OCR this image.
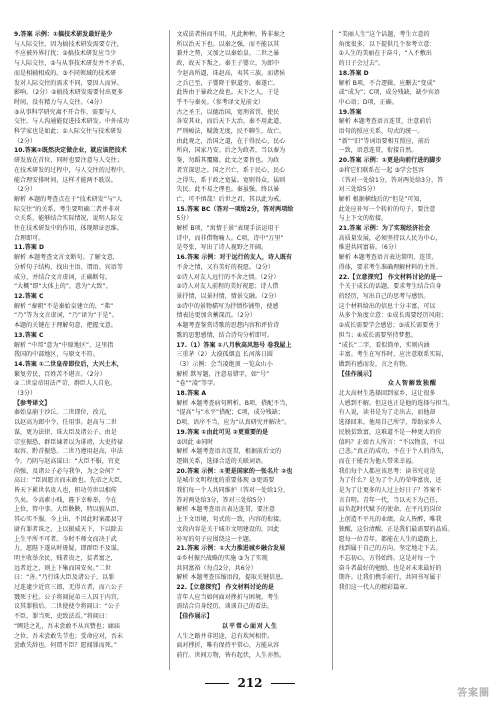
9.答案 示例：①搞技术研发最好是少
与人际交往，因为搞技术研发需要专注，
不应被外界打扰；②搞技术研发应当少
与人际交往，②与从事技术研发并不矛盾，
而是相辅相成的。③不同领域的技术研
发对人际交往的需求不同，要因人而异。
影响。（2分）②搞技术研发需要付出更多
时间，没有精力与人交往。（4分）
③从事科学研究离不开合作，需要与人
交往，与人沟通能促进技术研发。中外成功
科学家也是如此；①人际交往与技术研发
（2分）
10.答案②既然决定做企业，就应该把技术
研发放在首位，同时也要注意与人交往；
在技术研发的过程中，与人交往的过程中，
能合理安排时间，这样才能两不耽误。
（2分）
解析 本题的考查点在于“技术研发”与“人
际交往”的关系，考生要明确二者并非对
立关系，能够结合实际情况，说明人际交
往在技术研发中的作用，体现辩证思维。
合理即可。
11.答案 D
解析 本题考查文言文断句。了解文意，
分析句子结构，找出主语、谓语、宾语等
成分，并结合文言虚词，正确断句。
“大概”即“大体上的”，意为“大致”。
12.答案 C
解析 “秦朝”不是秦始皇建立的，“弗”
“乃”等为文言虚词，“乃”译为“于是”。
本题的关键在于理解句意，把握文意。
13.答案 C
解析 “中邦”意为“中原地区”，这里指
我国的中部地区，与原文不符。
14.答案 ①二世皇帝即位后，大兴土木，
繁复劳民，百姓苦不堪言。（2分）
②二世皇帝用法严苛，群臣人人自危。
（3分）
【参考译文】
秦始皇崩于沙丘。二世即位，改元，
以赵高为郎中令，任用事。赵高与二世
谋，更为法律，诛大臣及诸公子。由是
宗室振恐，群臣谏者以为诽谤，大吏持禄
取容，黔首振恐。二世乃遵用赵高，申法
令。乃阴与赵高谋曰：“大臣不服，官吏
尚强，及诸公子必与我争，为之奈何？”
高曰：“臣固愿言而未敢也。先帝之大臣，
皆天下累世名贵人也，积功劳世以相传
久矣。今高素小贱，陛下幸称举，令在
上位，管中事。大臣鞅鞅，特以貌从臣，
其心实不服。今上出，不因此时案郡县守
尉有罪者诛之，上以振威天下，下以除去
上生平所不可者。今时不师文而决于武
力，愿陛下遂从时毋疑，即群臣不及谋。
明主收举余民，贱者贵之，贫者富之，
远者近之，则上下集而国安矣。”二世
曰：“善。”乃行诛大臣及诸公子，以罪
过连逮少近官三郎，无得立者，而六公子
戮死于杜。公子将闾昆弟三人囚于内宫，
议其罪独后。二世使使令将闾曰：“公子
不臣，罪当死，吏致法焉。”将闾曰：
“阙廷之礼，吾未尝敢不从宾赞也；廊庙
之位，吾未尝敢失节也；受命应对，吾未
尝敢失辞也。何谓不臣？愿闻罪而死。”
文成法者捐而不用，凡此种种，皆非秦之
所以治天下也。以秦之强，而不能以其
兼并之势，又加之以秦始皇、二世之暴
政，故天下叛之。秦王子婴立，为郎中
令赵高所逼，诛赵高，夷其三族。而诸侯
之兵已至，子婴降于轵道旁。秦遂亡。
此皆由于暴政之故也。天下之人，于是
乎不与秦矣。（参考译文见前文）
古之圣王，以德治国，宽刑省罚，使民
各安其业，而后天下大治。秦不用此道，
严刑峻法，赋敛无度，民不聊生，故亡。
由此观之，治国之道，在于得民心，民心
所向，国家乃安。后之为政者，当以秦为
鉴，勿蹈其覆辙。此文之要旨也。为政
者宜深思之。国之兴亡，系于民心，民心
之得失，系于政之宽猛。宽则得众，猛则
失民。此不易之理也。秦虽强，终以暴
亡，可不慎哉！后世之君，其以此为戒。
15.答案 BC（答对一项给2分，答对两项给
5分）
解析 B项，“寓情于景”表现手法运用于
诗中，而非借物喻人。C项，诗中“万里”
是夸张，写出了诗人视野之开阔。
16.答案 示例：对于远行的友人，诗人既有
不舍之情，又有美好的祝愿。（2分）
①诗人对友人远行的不舍之情。（2分）
②诗人对友人前程的美好祝愿；诗人借
景抒情，以景衬情，情景交融。（2分）
③诗中的景物描写为抒情作铺垫，使感
情表达更加含蓄深沉。（2分）
本题考查鉴赏诗歌的思想内容和评价诗
歌的思想感情，结合诗句分析即可。
17.（1）答案 ①八月秋高风怒号 卷我屋上
三重茅（2）大漠孤烟直 长河落日圆
（3）示例：会当凌绝顶 一览众山小
解析 默写题，注意易错字，如“号”
“卷”“凌”等字。
18.答案 A
解析 本题考查病句辨析。B项，搭配不当，
“提高”与“水平”搭配；C项，成分残缺；
D项，语序不当，应为“认真研究并解决”。
19.答案 ①由此可见 ②更重要的是
③因此 ④同时
解析 本题考查语言连贯，根据前后文的
逻辑关系，选择合适的关联词语。
20.答案 示例：①更是国家的一张名片 ②也
是城市文明程度的重要体现 ③更需要
我们每一个人共同维护（答对一处给1分，
答对两处给3分，答对三处给5分）
解析 本题考查语言表达连贯，要注意
上下文语境，句式的一致，内容的衔接。
文段内容是关于城市文明建设的，因此
补写的句子应围绕这一主题。
21.答案 示例：①大力推进城乡融合发展
②乡村振兴战略的实施 ③为了实现
共同富裕（每点2分，共6分）
解析 本题考查压缩语段，提取关键信息。
22.【立意探究】 作文材料讨论的是
青年人应当如何面对挫折与困境。考生
需结合自身经历，谈谈自己的看法。
【佳作展示】
以平常心面对人生
人生之路并非坦途，总有坎坷相伴。
面对挫折，唯有保持平常心，方能从容
前行。世间万物，皆有起伏，人生亦然。
“美丽人生”这个话题，考生立意的
角度很多，以下提供几个参考立意：
①人生的美丽在于奋斗，“入不敷出
的日子会过去”。
18.答案 D
解析 B项，不合逻辑，应删去“变成”
或“成为”；C项，成分残缺，缺少宾语
中心语；D项，正确。
19.答案
解析 本题考查语言连贯，注意前后
语句的照应关系，句式的统一。
“新”“旧”等词语要相互照应，前后
一致，语意连贯，衔接自然。
20.答案 示例：①更是向前行进的脚步
②将它们联系在一起 ③学会包容
（答对一处给1分，答对两处给3分，答
对三处给5分）
解析 根据横线后的“但是”可知，
此处应补写一个转折的句子，要注意
与上下文的衔接。
21.答案 示例：为了实现经济社会
高质量发展，必须坚持以人民为中心，
推进共同富裕。（6分）
解析 本题考查语言表达简明、连贯、
得体，要求考生准确理解材料的主旨。
22.【立意探究】 作文材料讨论的是一
个关于成长的话题，要求考生结合自身
的经历，写出自己的思考与感悟。
这个材料给出的信息十分丰富，可以
从多个角度立意：①成长需要经历风雨；
②成长需要学会感恩；③成长需要勇于
担当；④成长需要坚持梦想。
“成长”二字，看似简单，实则内涵
丰富。考生在写作时，应注意联系实际，
做到有感而发，言之有物。
【佳作展示】
众人智解致独醒
北大高材生选择回到家乡，这让很多
人感到不解。但这也正是他的选择与担当。
有人说，读书是为了走出去，而他却
选择回来。他用自己所学，帮助家乡人
民脱贫致富，这难道不是一种更大的价
值吗？正如古人所言：“不以物喜，不以
己悲。”真正的成功，不在于个人的得失，
而在于能否为他人带来幸福。
我们每个人都应该思考：读书究竟是
为了什么？是为了个人的荣华富贵，还
是为了让更多的人过上好日子？答案不
言自明。青年一代，当以天下为己任，
肩负起时代赋予的使命，在平凡的岗位
上创造不平凡的业绩。众人皆醉，唯我
独醒，这份清醒，正是我们最需要的品质。
愿每一位青年，都能在人生的道路上，
找到属于自己的方向，坚定地走下去。
不忘初心，方得始终。这是对每一个
奋斗者最好的勉励，也是对未来最好的
期许。让我们携手前行，共同书写属于
我们这一代人的精彩篇章。
212
答案圈
